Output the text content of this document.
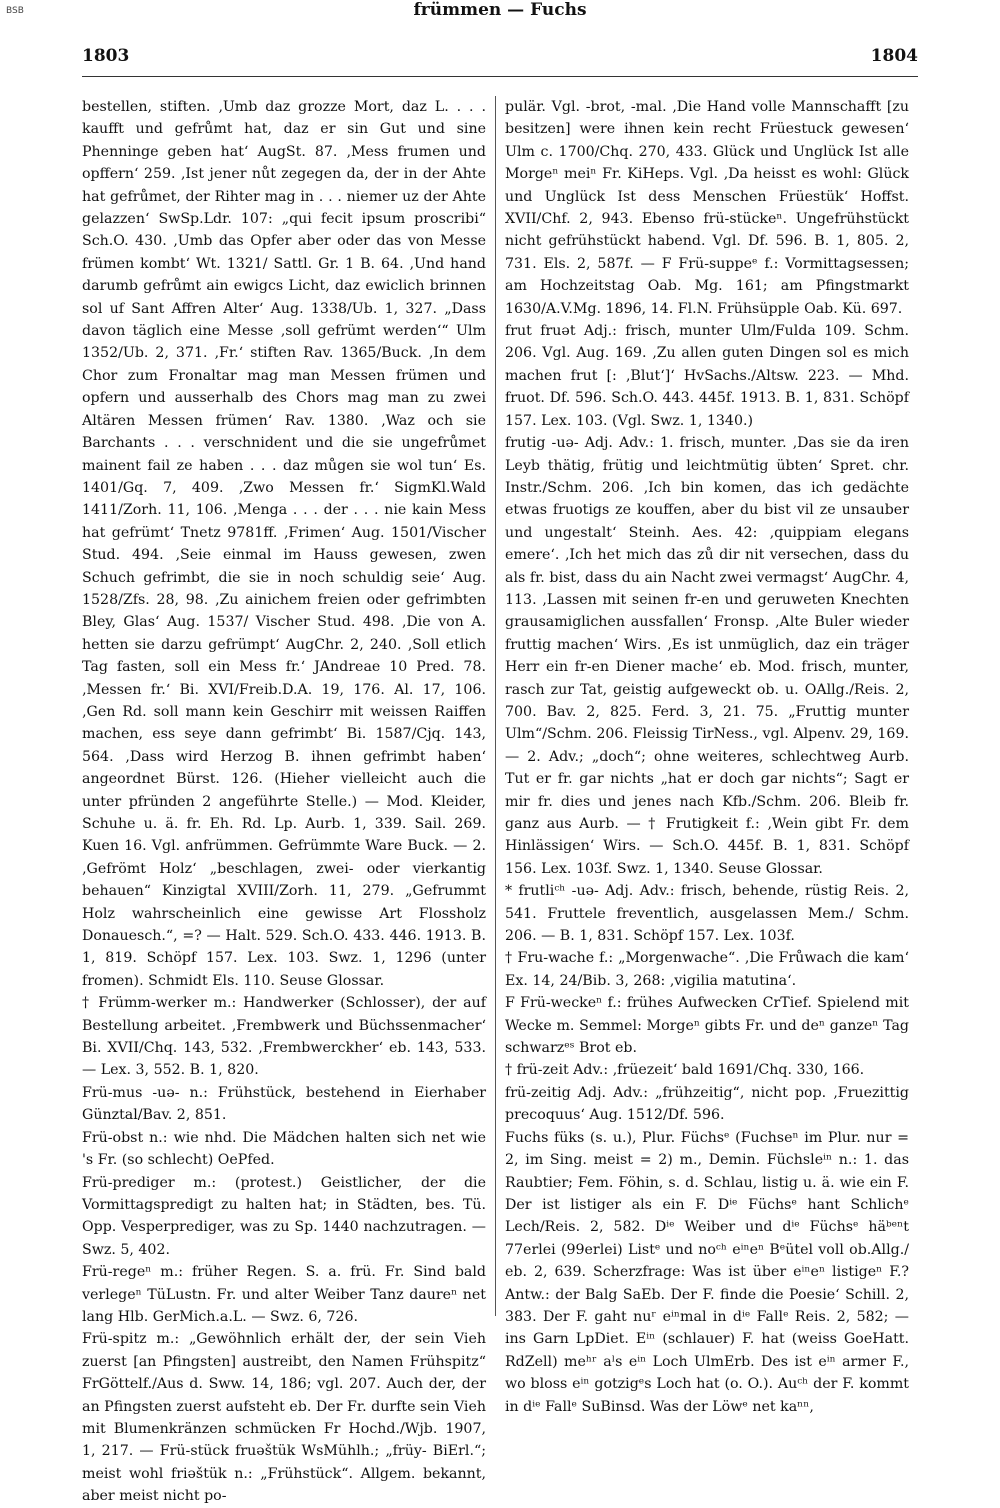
BSB
1803
frümmen — Fuchs
1804

bestellen, stiften. ‚Umb daz grozze Mort, daz L. . . . kaufft und gefrůmt hat, daz er sin Gut und sine Phenninge geben hat‘ AugSt. 87. ‚Mess frumen und opffern‘ 259. ‚Ist jener nůt zegegen da, der in der Ahte hat gefrůmet, der Rihter mag in . . . niemer uz der Ahte gelazzen‘ SwSp.Ldr. 107: „qui fecit ipsum proscribi“ Sch.O. 430. ‚Umb das Opfer aber oder das von Messe frümen kombt‘ Wt. 1321/ Sattl. Gr. 1 B. 64. ‚Und hand darumb gefrůmt ain ewigcs Licht, daz ewiclich brinnen sol uf Sant Affren Alter‘ Aug. 1338/Ub. 1, 327. „Dass davon täglich eine Messe ‚soll gefrümt werden‘“ Ulm 1352/Ub. 2, 371. ‚Fr.‘ stiften Rav. 1365/Buck. ‚In dem Chor zum Fronaltar mag man Messen frümen und opfern und ausserhalb des Chors mag man zu zwei Altären Messen frümen‘ Rav. 1380. ‚Waz och sie Barchants . . . verschnident und die sie ungefrůmet mainent fail ze haben . . . daz můgen sie wol tun‘ Es. 1401/Gq. 7, 409. ‚Zwo Messen fr.‘ SigmKl.Wald 1411/Zorh. 11, 106. ‚Menga . . . der . . . nie kain Mess hat gefrümt‘ Tnetz 9781ff. ‚Frimen‘ Aug. 1501/Vischer Stud. 494. ‚Seie einmal im Hauss gewesen, zwen Schuch gefrimbt, die sie in noch schuldig seie‘ Aug. 1528/Zfs. 28, 98. ‚Zu ainichem freien oder gefrimbten Bley, Glas‘ Aug. 1537/ Vischer Stud. 498. ‚Die von A. hetten sie darzu gefrümpt‘ AugChr. 2, 240. ‚Soll etlich Tag fasten, soll ein Mess fr.‘ JAndreae 10 Pred. 78. ‚Messen fr.‘ Bi. XVI/Freib.D.A. 19, 176. Al. 17, 106. ‚Gen Rd. soll mann kein Geschirr mit weissen Raiffen machen, ess seye dann gefrimbt‘ Bi. 1587/Cjq. 143, 564. ‚Dass wird Herzog B. ihnen gefrimbt haben‘ angeordnet Bürst. 126. (Hieher vielleicht auch die unter pfründen 2 angeführte Stelle.) — Mod. Kleider, Schuhe u. ä. fr. Eh. Rd. Lp. Aurb. 1, 339. Sail. 269. Kuen 16. Vgl. anfrümmen. Gefrümmte Ware Buck. — 2. ‚Gefrömt Holz‘ „beschlagen, zwei- oder vierkantig behauen“ Kinzigtal XVIII/Zorh. 11, 279. „Gefrummt Holz wahrscheinlich eine gewisse Art Flossholz Donauesch.“, =? — Halt. 529. Sch.O. 433. 446. 1913. B. 1, 819. Schöpf 157. Lex. 103. Swz. 1, 1296 (unter fromen). Schmidt Els. 110. Seuse Glossar.

† Frümm-werker m.: Handwerker (Schlosser), der auf Bestellung arbeitet. ‚Frembwerk und Büchssenmacher‘ Bi. XVII/Chq. 143, 532. ‚Frembwerckher‘ eb. 143, 533. — Lex. 3, 552. B. 1, 820.

Frü-mus -uə- n.: Frühstück, bestehend in Eierhaber Günztal/Bav. 2, 851.

Frü-obst n.: wie nhd. Die Mädchen halten sich net wie 's Fr. (so schlecht) OePfed.

Frü-prediger m.: (protest.) Geistlicher, der die Vormittagspredigt zu halten hat; in Städten, bes. Tü. Opp. Vesperprediger, was zu Sp. 1440 nachzutragen. — Swz. 5, 402.

Frü-regeⁿ m.: früher Regen. S. a. frü. Fr. Sind bald verlegeⁿ TüLustn. Fr. und alter Weiber Tanz daureⁿ net lang Hlb. GerMich.a.L. — Swz. 6, 726.

Frü-spitz m.: „Gewöhnlich erhält der, der sein Vieh zuerst [an Pfingsten] austreibt, den Namen Frühspitz“ FrGöttelf./Aus d. Sww. 14, 186; vgl. 207. Auch der, der an Pfingsten zuerst aufsteht eb. Der Fr. durfte sein Vieh mit Blumenkränzen schmücken Fr Hochd./Wjb. 1907, 1, 217. — Frü-stück fruəštük WsMühlh.; „früy- BiErl.“; meist wohl friəštük n.: „Frühstück“. Allgem. bekannt, aber meist nicht po-

pulär. Vgl. -brot, -mal. ‚Die Hand volle Mannschafft [zu besitzen] were ihnen kein recht Früestuck gewesen‘ Ulm c. 1700/Chq. 270, 433. Glück und Unglück Ist alle Morgeⁿ meiⁿ Fr. KiHeps. Vgl. ‚Da heisst es wohl: Glück und Unglück Ist dess Menschen Früestük‘ Hoffst. XVII/Chf. 2, 943. Ebenso frü-stückeⁿ. Ungefrühstückt nicht gefrühstückt habend. Vgl. Df. 596. B. 1, 805. 2, 731. Els. 2, 587f. — F Frü-suppeᵉ f.: Vormittagsessen; am Hochzeitstag Oab. Mg. 161; am Pfingstmarkt 1630/A.V.Mg. 1896, 14. Fl.N. Frühsüpple Oab. Kü. 697.

frut fruət Adj.: frisch, munter Ulm/Fulda 109. Schm. 206. Vgl. Aug. 169. ‚Zu allen guten Dingen sol es mich machen frut [: ‚Blut‘]‘ HvSachs./Altsw. 223. — Mhd. fruot. Df. 596. Sch.O. 443. 445f. 1913. B. 1, 831. Schöpf 157. Lex. 103. (Vgl. Swz. 1, 1340.)

frutig -uə- Adj. Adv.: 1. frisch, munter. ‚Das sie da iren Leyb thätig, frütig und leichtmütig übten‘ Spret. chr. Instr./Schm. 206. ‚Ich bin komen, das ich gedächte etwas fruotigs ze kouffen, aber du bist vil ze unsauber und ungestalt‘ Steinh. Aes. 42: ‚quippiam elegans emere‘. ‚Ich het mich das zů dir nit versechen, dass du als fr. bist, dass du ain Nacht zwei vermagst‘ AugChr. 4, 113. ‚Lassen mit seinen fr-en und geruweten Knechten grausamiglichen aussfallen‘ Fronsp. ‚Alte Buler wieder fruttig machen‘ Wirs. ‚Es ist unmüglich, daz ein träger Herr ein fr-en Diener mache‘ eb. Mod. frisch, munter, rasch zur Tat, geistig aufgeweckt ob. u. OAllg./Reis. 2, 700. Bav. 2, 825. Ferd. 3, 21. 75. „Fruttig munter Ulm“/Schm. 206. Fleissig TirNess., vgl. Alpenv. 29, 169. — 2. Adv.; „doch“; ohne weiteres, schlechtweg Aurb. Tut er fr. gar nichts „hat er doch gar nichts“; Sagt er mir fr. dies und jenes nach Kfb./Schm. 206. Bleib fr. ganz aus Aurb. — † Frutigkeit f.: ‚Wein gibt Fr. dem Hinlässigen‘ Wirs. — Sch.O. 445f. B. 1, 831. Schöpf 156. Lex. 103f. Swz. 1, 1340. Seuse Glossar.

* frutliᶜʰ -uə- Adj. Adv.: frisch, behende, rüstig Reis. 2, 541. Fruttele freventlich, ausgelassen Mem./ Schm. 206. — B. 1, 831. Schöpf 157. Lex. 103f.

† Fru-wache f.: „Morgenwache“. ‚Die Frůwach die kam‘ Ex. 14, 24/Bib. 3, 268: ‚vigilia matutina‘.

F Frü-weckeⁿ f.: frühes Aufwecken CrTief. Spielend mit Wecke m. Semmel: Morgeⁿ gibts Fr. und deⁿ ganzeⁿ Tag schwarzᵉˢ Brot eb.

† frü-zeit Adv.: ‚früezeit‘ bald 1691/Chq. 330, 166.

frü-zeitig Adj. Adv.: „frühzeitig“, nicht pop. ‚Fruezittig precoquus‘ Aug. 1512/Df. 596.

Fuchs füks (s. u.), Plur. Füchsᵉ (Fuchseⁿ im Plur. nur = 2, im Sing. meist = 2) m., Demin. Füchsleⁱⁿ n.: 1. das Raubtier; Fem. Föhin, s. d. Schlau, listig u. ä. wie ein F. Der ist listiger als ein F. Dⁱᵉ Füchsᵉ hant Schlichᵉ Lech/Reis. 2, 582. Dⁱᵉ Weiber und dⁱᵉ Füchsᵉ häᵇᵉⁿt 77erlei (99erlei) Listᵉ und noᶜʰ eⁱⁿeⁿ Bᵉütel voll ob.Allg./ eb. 2, 639. Scherzfrage: Was ist über eⁱⁿeⁿ listigeⁿ F.? Antw.: der Balg SaEb. Der F. finde die Poesie‘ Schill. 2, 383. Der F. gaht nuʳ eⁱⁿmal in dⁱᵉ Fallᵉ Reis. 2, 582; — ins Garn LpDiet. Eⁱⁿ (schlauer) F. hat (weiss GoeHatt. RdZell) meʰʳ aˡs eⁱⁿ Loch UlmErb. Des ist eⁱⁿ armer F., wo bloss eⁱⁿ gotzigᵉs Loch hat (o. O.). Auᶜʰ der F. kommt in dⁱᵉ Fallᵉ SuBinsd. Was der Löwᵉ net kaⁿⁿ,
